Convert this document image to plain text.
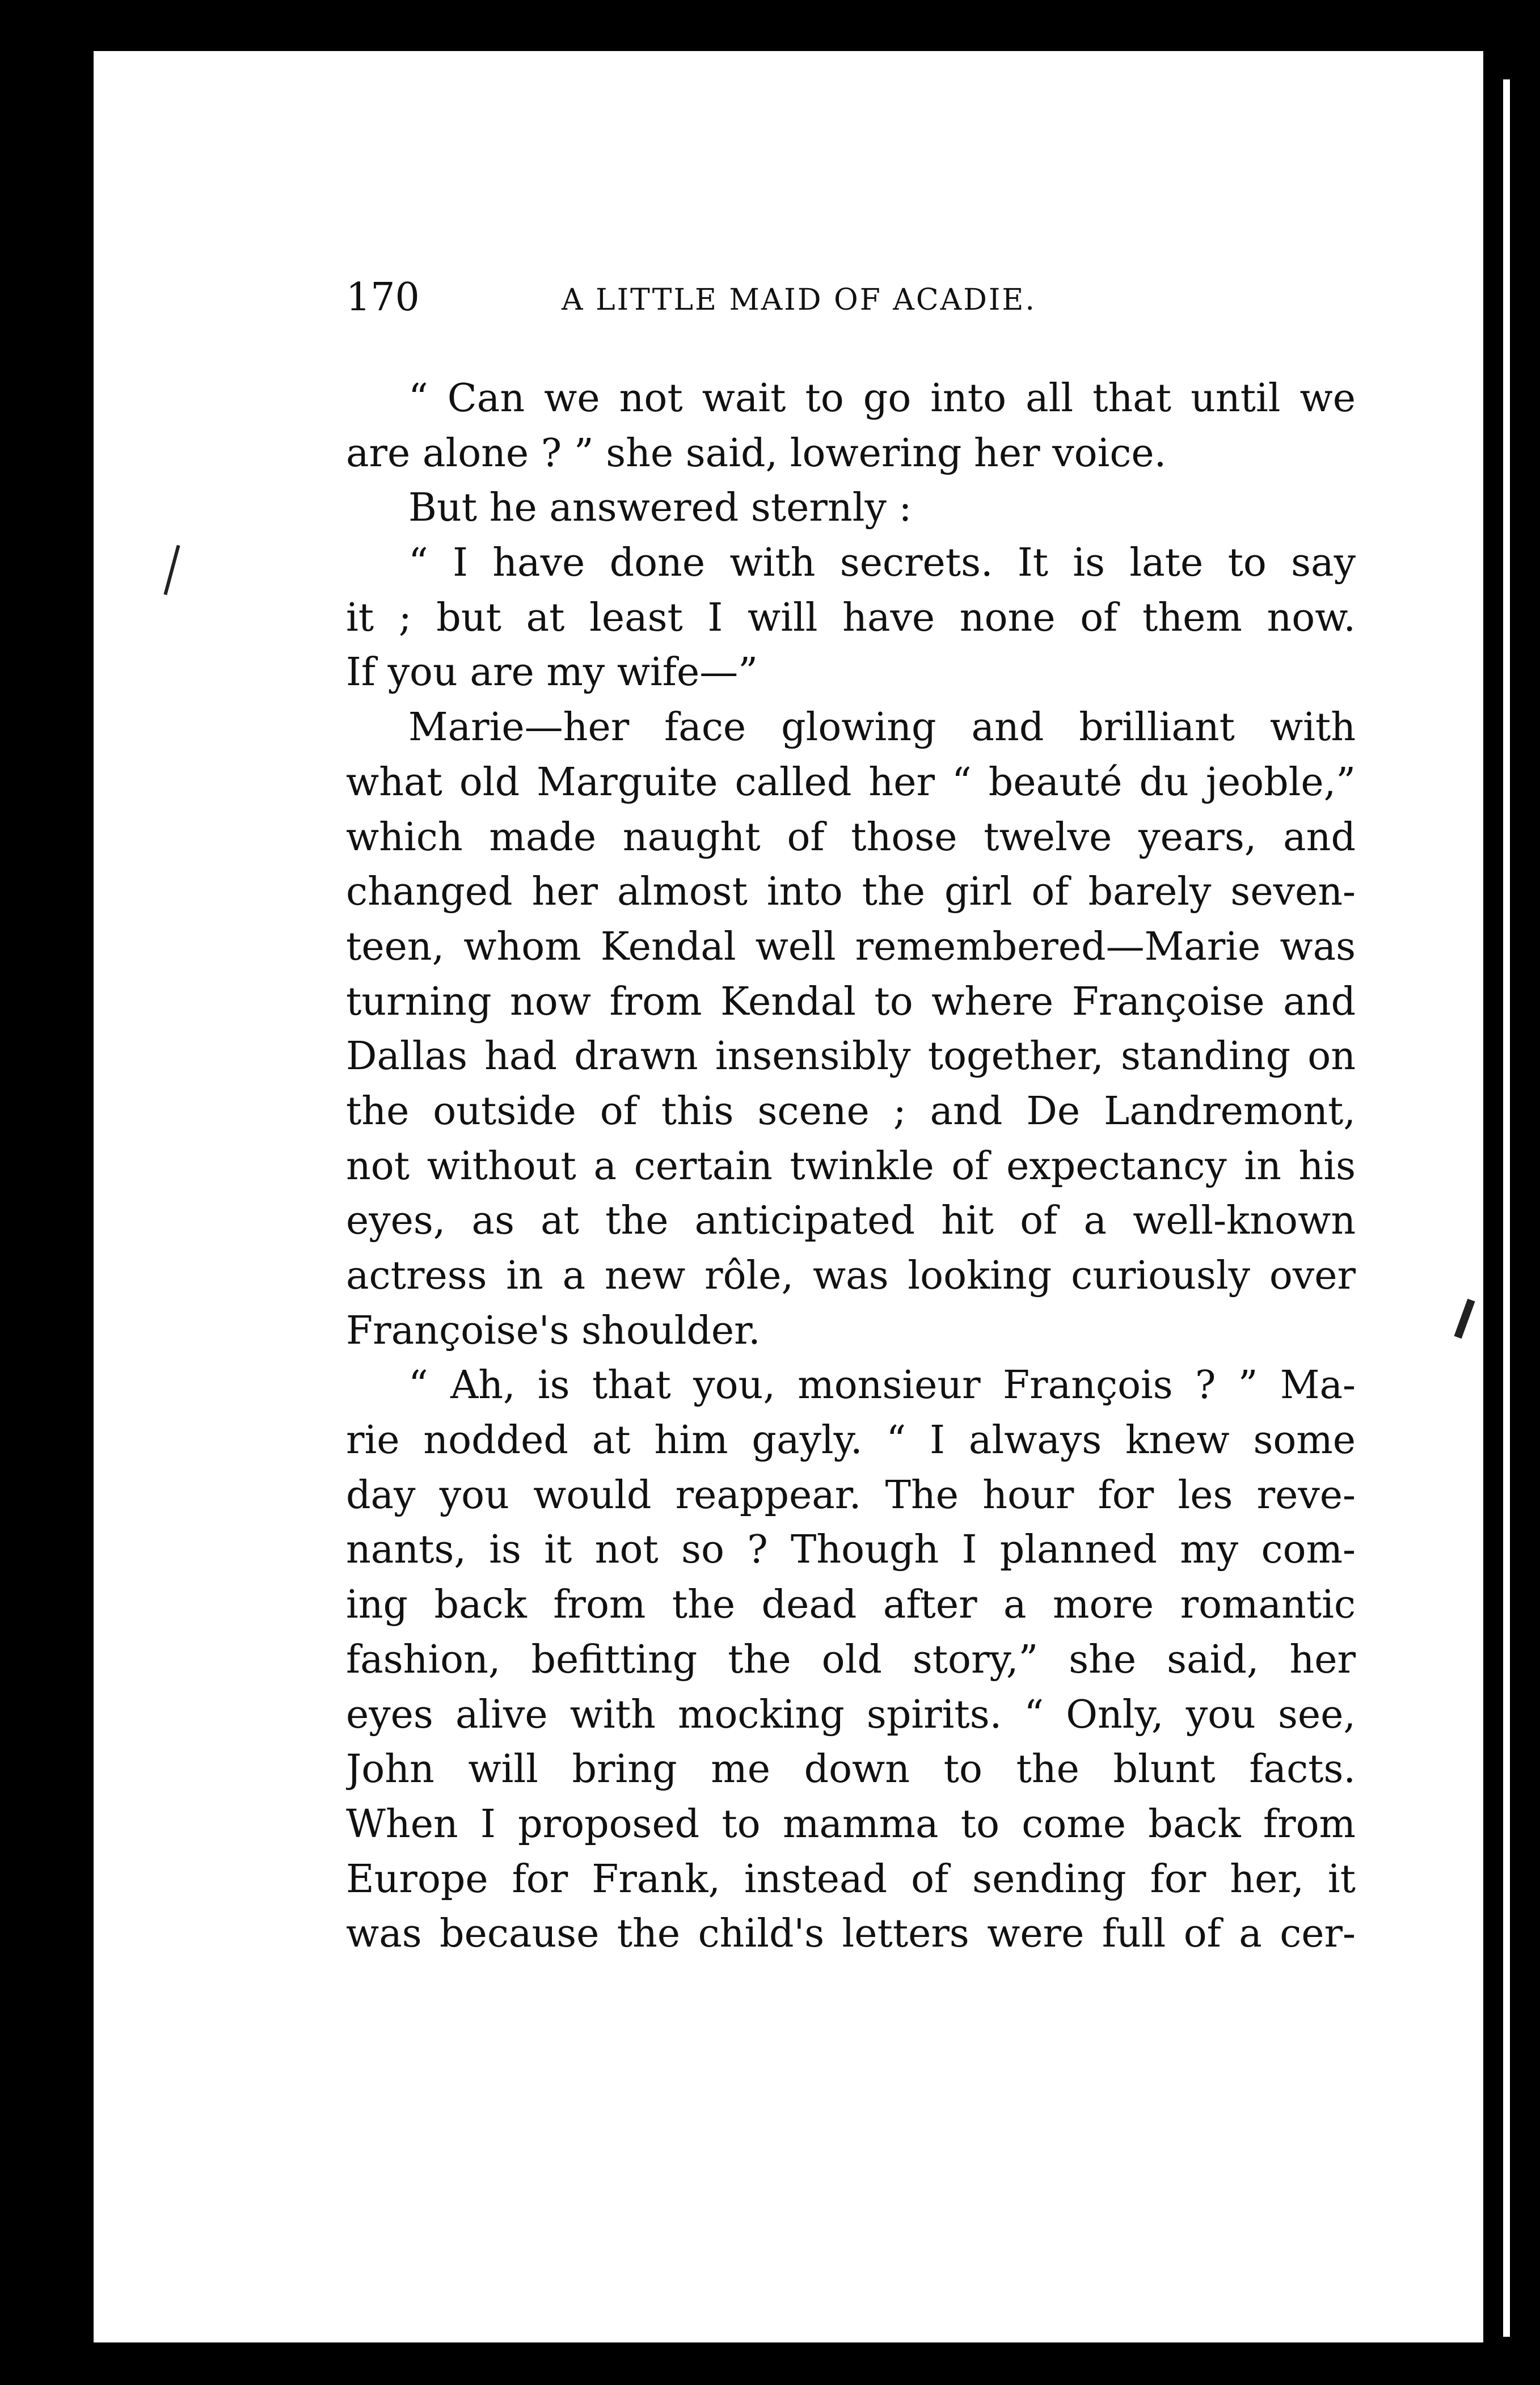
170	A LITTLE MAID OF ACADIE.
“ Can we not wait to go into all that until we
are alone ? ” she said, lowering her voice.
But he answered sternly :
“ I have done with secrets. It is late to say
it ; but at least I will have none of them now.
If you are my wife—”
Marie—her face glowing and brilliant with
what old Marguite called her “ beauté du jeoble,”
which made naught of those twelve years, and
changed her almost into the girl of barely seven-
teen, whom Kendal well remembered—Marie was
turning now from Kendal to where Françoise and
Dallas had drawn insensibly together, standing on
the outside of this scene ; and De Landremont,
not without a certain twinkle of expectancy in his
eyes, as at the anticipated hit of a well-known
actress in a new rôle, was looking curiously over
Françoise's shoulder.
“ Ah, is that you, monsieur François ? ” Ma-
rie nodded at him gayly. “ I always knew some
day you would reappear. The hour for les reve-
nants, is it not so ? Though I planned my com-
ing back from the dead after a more romantic
fashion, befitting the old story,” she said, her
eyes alive with mocking spirits. “ Only, you see,
John will bring me down to the blunt facts.
When I proposed to mamma to come back from
Europe for Frank, instead of sending for her, it
was because the child's letters were full of a cer-
